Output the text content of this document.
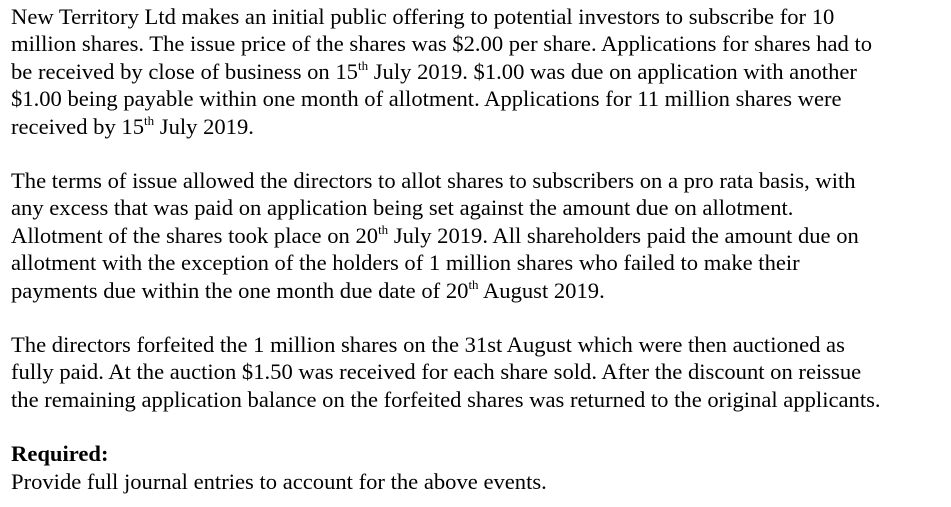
New Territory Ltd makes an initial public offering to potential investors to subscribe for 10
million shares. The issue price of the shares was $2.00 per share. Applications for shares had to
be received by close of business on 15th July 2019. $1.00 was due on application with another
$1.00 being payable within one month of allotment. Applications for 11 million shares were
received by 15th July 2019.
The terms of issue allowed the directors to allot shares to subscribers on a pro rata basis, with
any excess that was paid on application being set against the amount due on allotment.
Allotment of the shares took place on 20th July 2019. All shareholders paid the amount due on
allotment with the exception of the holders of 1 million shares who failed to make their
payments due within the one month due date of 20th August 2019.
The directors forfeited the 1 million shares on the 31st August which were then auctioned as
fully paid. At the auction $1.50 was received for each share sold. After the discount on reissue
the remaining application balance on the forfeited shares was returned to the original applicants.
Required:
Provide full journal entries to account for the above events.
